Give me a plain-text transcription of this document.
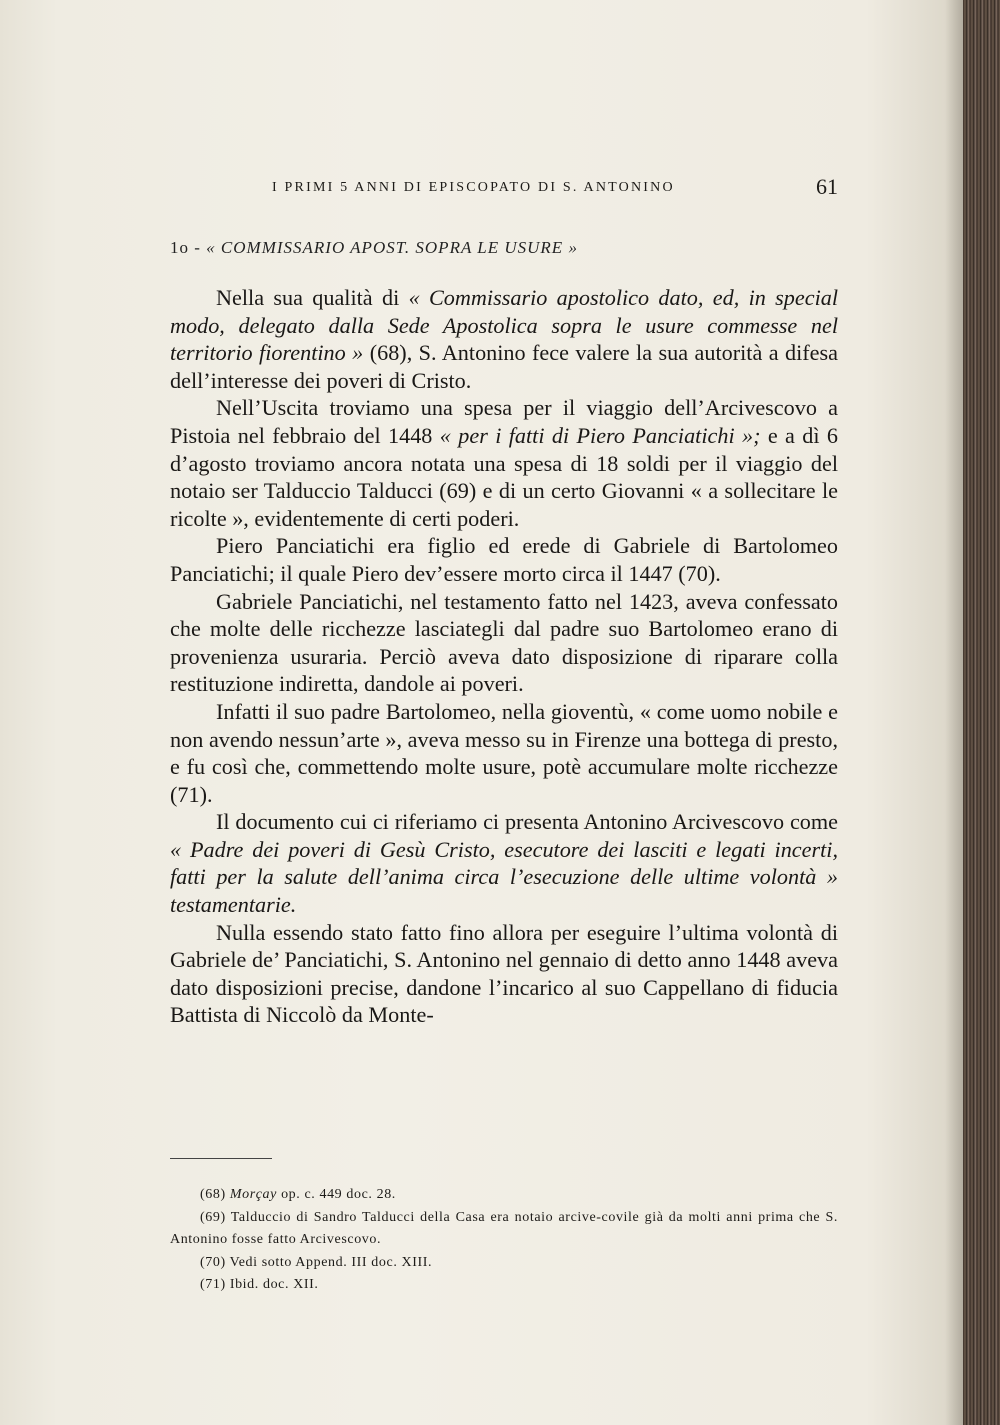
I PRIMI 5 ANNI DI EPISCOPATO DI S. ANTONINO	61
1o - « COMMISSARIO APOST. SOPRA LE USURE »

Nella sua qualità di « Commissario apostolico dato, ed, in special modo, delegato dalla Sede Apostolica sopra le usure commesse nel territorio fiorentino » (68), S. Antonino fece valere la sua autorità a difesa dell’interesse dei poveri di Cristo.

Nell’Uscita troviamo una spesa per il viaggio dell’Arcivescovo a Pistoia nel febbraio del 1448 « per i fatti di Piero Panciatichi »; e a dì 6 d’agosto troviamo ancora notata una spesa di 18 soldi per il viaggio del notaio ser Talduccio Talducci (69) e di un certo Giovanni « a sollecitare le ricolte », evidentemente di certi poderi.

Piero Panciatichi era figlio ed erede di Gabriele di Bartolomeo Panciatichi; il quale Piero dev’essere morto circa il 1447 (70).

Gabriele Panciatichi, nel testamento fatto nel 1423, aveva confessato che molte delle ricchezze lasciategli dal padre suo Bartolomeo erano di provenienza usuraria. Perciò aveva dato disposizione di riparare colla restituzione indiretta, dandole ai poveri.

Infatti il suo padre Bartolomeo, nella gioventù, « come uomo nobile e non avendo nessun’arte », aveva messo su in Firenze una bottega di presto, e fu così che, commettendo molte usure, potè accumulare molte ricchezze (71).

Il documento cui ci riferiamo ci presenta Antonino Arcivescovo come « Padre dei poveri di Gesù Cristo, esecutore dei lasciti e legati incerti, fatti per la salute dell’anima circa l’esecuzione delle ultime volontà » testamentarie.

Nulla essendo stato fatto fino allora per eseguire l’ultima volontà di Gabriele de’ Panciatichi, S. Antonino nel gennaio di detto anno 1448 aveva dato disposizioni precise, dandone l’incarico al suo Cappellano di fiducia Battista di Niccolò da Monte-

(68) Morçay op. c. 449 doc. 28.

(69) Talduccio di Sandro Talducci della Casa era notaio arcive-covile già da molti anni prima che S. Antonino fosse fatto Arcivescovo.

(70) Vedi sotto Append. III doc. XIII.

(71) Ibid. doc. XII.
